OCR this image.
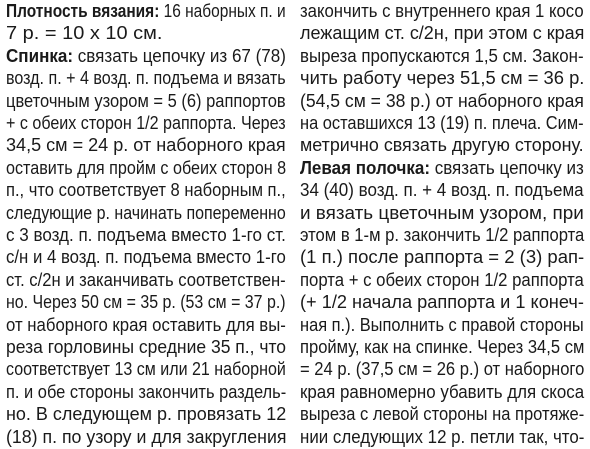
Плотность вязания: 16 наборных п. и
7 р. = 10 х 10 см.
Спинка: связать цепочку из 67 (78)
возд. п. + 4 возд. п. подъема и вязать
цветочным узором = 5 (6) раппортов
+ с обеих сторон 1/2 раппорта. Через
34,5 см = 24 р. от наборного края
оставить для пройм с обеих сторон 8
п., что соответствует 8 наборным п.,
следующие р. начинать попеременно
с 3 возд. п. подъема вместо 1-го ст.
с/н и 4 возд. п. подъема вместо 1-го
ст. с/2н и заканчивать соответствен-
но. Через 50 см = 35 р. (53 см = 37 р.)
от наборного края оставить для вы-
реза горловины средние 35 п., что
соответствует 13 см или 21 наборной
п. и обе стороны закончить раздель-
но. В следующем р. провязать 12
(18) п. по узору и для закругления
закончить с внутреннего края 1 косо
лежащим ст. с/2н, при этом с края
выреза пропускаются 1,5 см. Закон-
чить работу через 51,5 см = 36 р.
(54,5 см = 38 р.) от наборного края
на оставшихся 13 (19) п. плеча. Сим-
метрично связать другую сторону.
Левая полочка: связать цепочку из
34 (40) возд. п. + 4 возд. п. подъема
и вязать цветочным узором, при
этом в 1-м р. закончить 1/2 раппорта
(1 п.) после раппорта = 2 (3) рап-
порта + с обеих сторон 1/2 раппорта
(+ 1/2 начала раппорта и 1 конеч-
ная п.). Выполнить с правой стороны
пройму, как на спинке. Через 34,5 см
= 24 р. (37,5 см = 26 р.) от наборного
края равномерно убавить для скоса
выреза с левой стороны на протяже-
нии следующих 12 р. петли так, что-
